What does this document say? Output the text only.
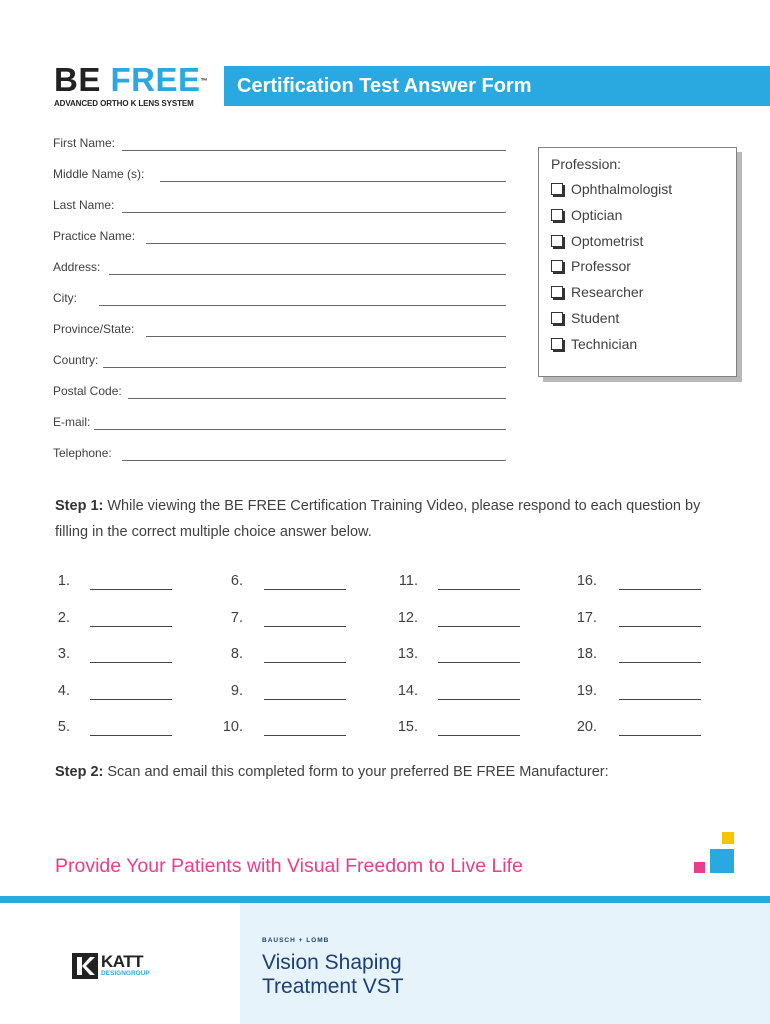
BE FREE™
ADVANCED ORTHO K LENS SYSTEM
Certification Test Answer Form
First Name:
Middle Name (s):
Last Name:
Practice Name:
Address:
City:
Province/State:
Country:
Postal Code:
E-mail:
Telephone:
Profession:
Ophthalmologist
Optician
Optometrist
Professor
Researcher
Student
Technician
Step 1: While viewing the BE FREE Certification Training Video, please respond to each question by filling in the correct multiple choice answer below.
1.
2.
3.
4.
5.
6.
7.
8.
9.
10.
11.
12.
13.
14.
15.
16.
17.
18.
19.
20.
Step 2: Scan and email this completed form to your preferred BE FREE Manufacturer:
Provide Your Patients with Visual Freedom to Live Life
KATT
DESIGNGROUP
BAUSCH + LOMB
Vision Shaping
Treatment VST
